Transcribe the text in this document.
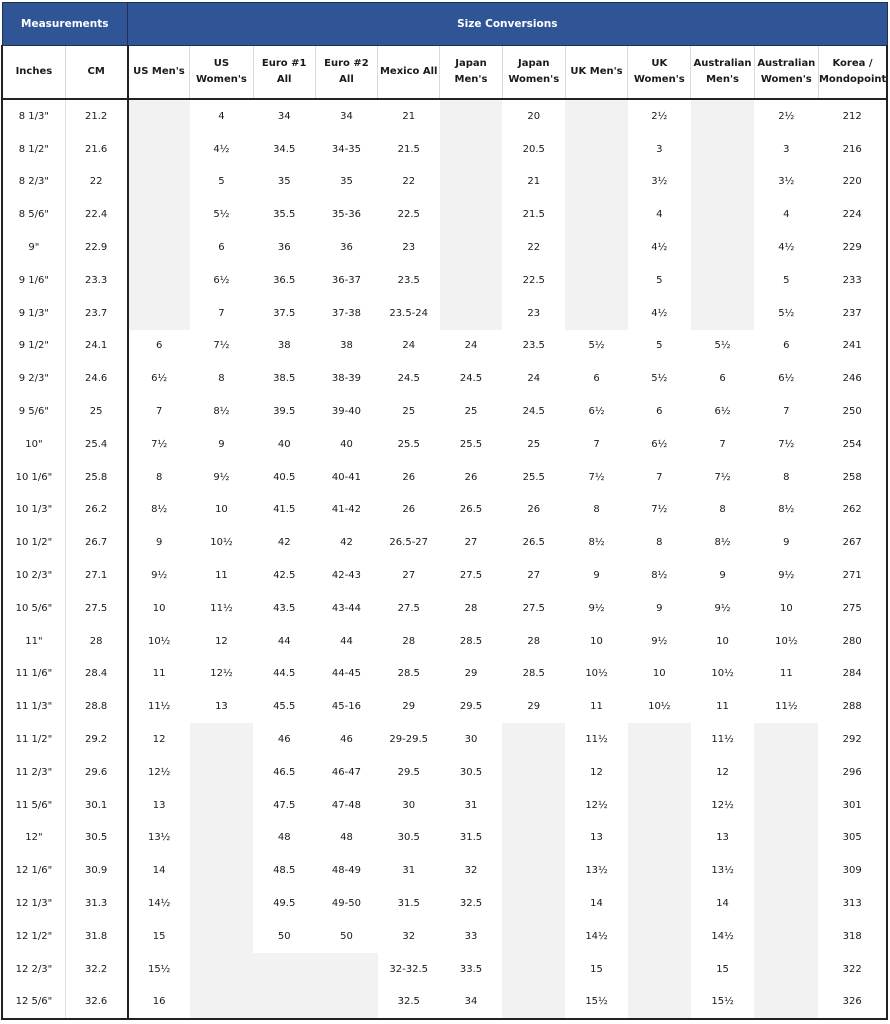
Measurements		Size Conversions											
Inches	CM	US Men's	US Women's	Euro #1 All	Euro #2 All	Mexico All	Japan Men's	Japan Women's	UK Men's	UK Women's	Australian Men's	Australian Women's	Korea / Mondopoint
8 1/3"	21.2		4	34	34	21		20		2½		2½	212
8 1/2"	21.6		4½	34.5	34-35	21.5		20.5		3		3	216
8 2/3"	22		5	35	35	22		21		3½		3½	220
8 5/6"	22.4		5½	35.5	35-36	22.5		21.5		4		4	224
9"	22.9		6	36	36	23		22		4½		4½	229
9 1/6"	23.3		6½	36.5	36-37	23.5		22.5		5		5	233
9 1/3"	23.7		7	37.5	37-38	23.5-24		23		4½		5½	237
9 1/2"	24.1	6	7½	38	38	24	24	23.5	5½	5	5½	6	241
9 2/3"	24.6	6½	8	38.5	38-39	24.5	24.5	24	6	5½	6	6½	246
9 5/6"	25	7	8½	39.5	39-40	25	25	24.5	6½	6	6½	7	250
10"	25.4	7½	9	40	40	25.5	25.5	25	7	6½	7	7½	254
10 1/6"	25.8	8	9½	40.5	40-41	26	26	25.5	7½	7	7½	8	258
10 1/3"	26.2	8½	10	41.5	41-42	26	26.5	26	8	7½	8	8½	262
10 1/2"	26.7	9	10½	42	42	26.5-27	27	26.5	8½	8	8½	9	267
10 2/3"	27.1	9½	11	42.5	42-43	27	27.5	27	9	8½	9	9½	271
10 5/6"	27.5	10	11½	43.5	43-44	27.5	28	27.5	9½	9	9½	10	275
11"	28	10½	12	44	44	28	28.5	28	10	9½	10	10½	280
11 1/6"	28.4	11	12½	44.5	44-45	28.5	29	28.5	10½	10	10½	11	284
11 1/3"	28.8	11½	13	45.5	45-16	29	29.5	29	11	10½	11	11½	288
11 1/2"	29.2	12		46	46	29-29.5	30		11½		11½		292
11 2/3"	29.6	12½		46.5	46-47	29.5	30.5		12		12		296
11 5/6"	30.1	13		47.5	47-48	30	31		12½		12½		301
12"	30.5	13½		48	48	30.5	31.5		13		13		305
12 1/6"	30.9	14		48.5	48-49	31	32		13½		13½		309
12 1/3"	31.3	14½		49.5	49-50	31.5	32.5		14		14		313
12 1/2"	31.8	15		50	50	32	33		14½		14½		318
12 2/3"	32.2	15½				32-32.5	33.5		15		15		322
12 5/6"	32.6	16				32.5	34		15½		15½		326
